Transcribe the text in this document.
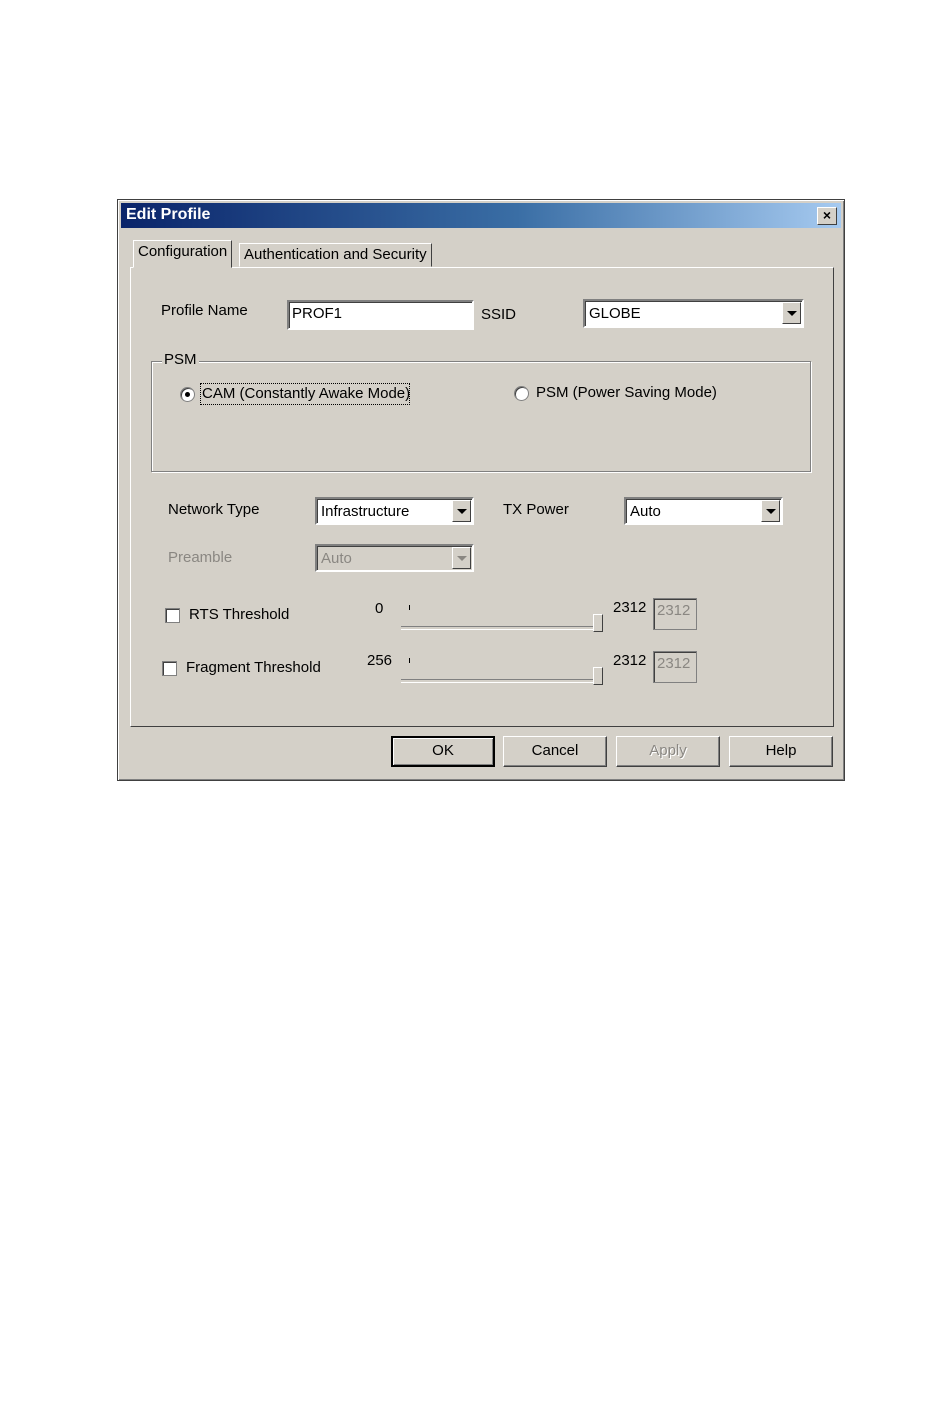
Edit Profile	×
Configuration	Authentication and Security
Profile Name	PROF1	SSID	GLOBE
PSM
CAM (Constantly Awake Mode)	PSM (Power Saving Mode)
Network Type	Infrastructure	TX Power	Auto
Preamble	Auto
RTS Threshold	0	2312 2312
Fragment Threshold	256	2312 2312
OK	Cancel	Apply	Help
